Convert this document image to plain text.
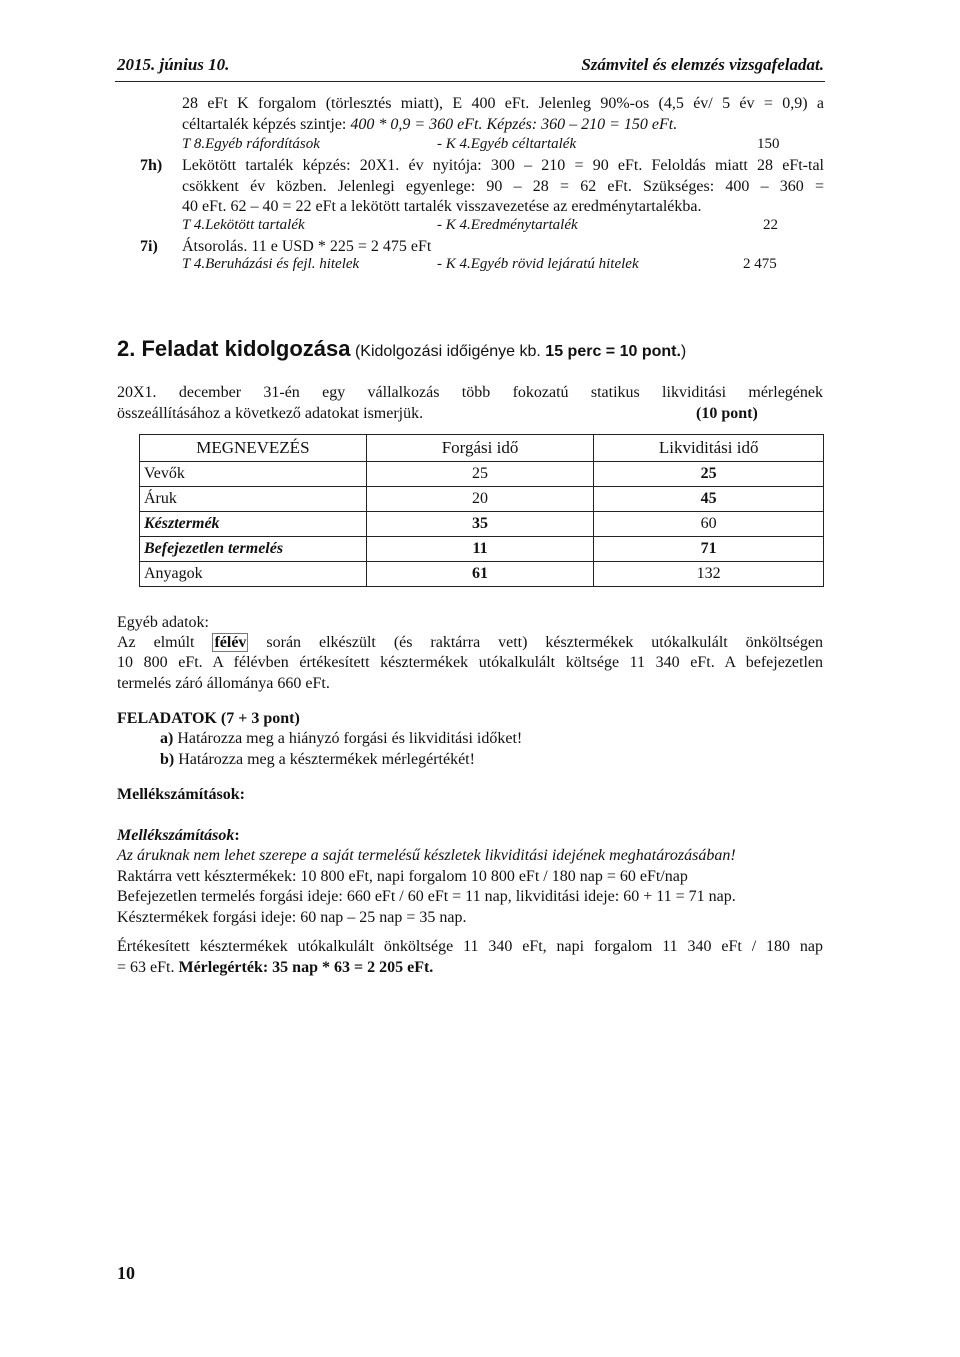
2015. június 10.	Számvitel és elemzés vizsgafeladat.
28 eFt K forgalom (törlesztés miatt), E 400 eFt. Jelenleg 90%-os (4,5 év/ 5 év = 0,9) a
céltartalék képzés szintje: 400 * 0,9 = 360 eFt. Képzés: 360 – 210 = 150 eFt.
T 8.Egyéb ráfordítások	- K 4.Egyéb céltartalék	150
7h) Lekötött tartalék képzés: 20X1. év nyitója: 300 – 210 = 90 eFt. Feloldás miatt 28 eFt-tal
csökkent év közben. Jelenlegi egyenlege: 90 – 28 = 62 eFt. Szükséges: 400 – 360 =
40 eFt. 62 – 40 = 22 eFt a lekötött tartalék visszavezetése az eredménytartalékba.
T 4.Lekötött tartalék	- K 4.Eredménytartalék	22
7i) Átsorolás. 11 e USD * 225 = 2 475 eFt
T 4.Beruházási és fejl. hitelek	- K 4.Egyéb rövid lejáratú hitelek	2 475
2. Feladat kidolgozása (Kidolgozási időigénye kb. 15 perc = 10 pont.)
20X1. december 31-én egy vállalkozás több fokozatú statikus likviditási mérlegének
összeállításához a következő adatokat ismerjük.	(10 pont)
MEGNEVEZÉS	Forgási idő	Likviditási idő
Vevők	25	25
Áruk	20	45
Késztermék	35	60
Befejezetlen termelés	11	71
Anyagok	61	132
Egyéb adatok:
Az elmúlt félév során elkészült (és raktárra vett) késztermékek utókalkulált önköltségen
10 800 eFt. A félévben értékesített késztermékek utókalkulált költsége 11 340 eFt. A befejezetlen
termelés záró állománya 660 eFt.
FELADATOK (7 + 3 pont)
a) Határozza meg a hiányzó forgási és likviditási időket!
b) Határozza meg a késztermékek mérlegértékét!
Mellékszámítások:
Mellékszámítások:
Az áruknak nem lehet szerepe a saját termelésű készletek likviditási idejének meghatározásában!
Raktárra vett késztermékek: 10 800 eFt, napi forgalom 10 800 eFt / 180 nap = 60 eFt/nap
Befejezetlen termelés forgási ideje: 660 eFt / 60 eFt = 11 nap, likviditási ideje: 60 + 11 = 71 nap.
Késztermékek forgási ideje: 60 nap – 25 nap = 35 nap.
Értékesített késztermékek utókalkulált önköltsége 11 340 eFt, napi forgalom 11 340 eFt / 180 nap
= 63 eFt. Mérlegérték: 35 nap * 63 = 2 205 eFt.
10
